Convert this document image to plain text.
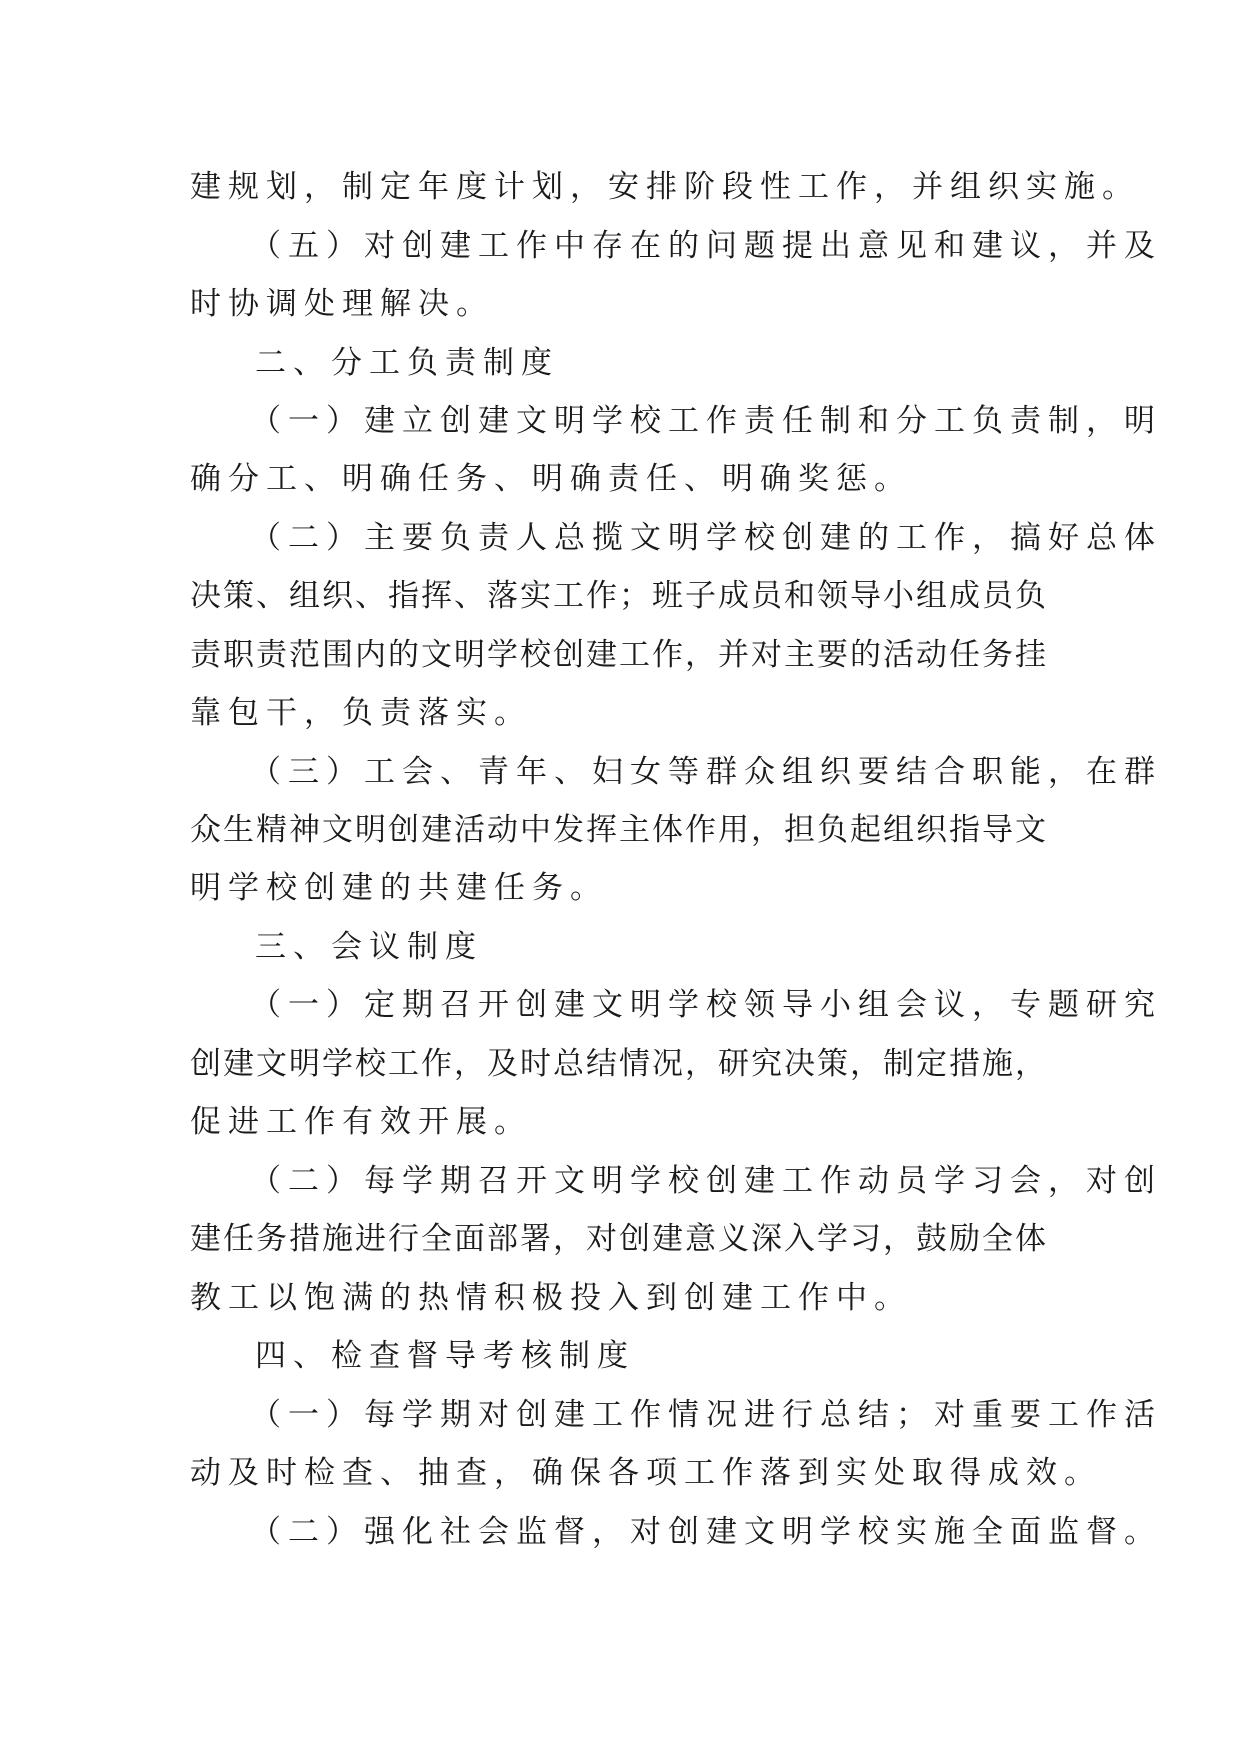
建规划，制定年度计划，安排阶段性工作，并组织实施。
（五）对创建工作中存在的问题提出意见和建议，并及
时协调处理解决。
二、分工负责制度
（一）建立创建文明学校工作责任制和分工负责制，明
确分工、明确任务、明确责任、明确奖惩。
（二）主要负责人总揽文明学校创建的工作，搞好总体
决策、组织、指挥、落实工作；班子成员和领导小组成员负
责职责范围内的文明学校创建工作，并对主要的活动任务挂
靠包干，负责落实。
（三）工会、青年、妇女等群众组织要结合职能，在群
众生精神文明创建活动中发挥主体作用，担负起组织指导文
明学校创建的共建任务。
三、会议制度
（一）定期召开创建文明学校领导小组会议，专题研究
创建文明学校工作，及时总结情况，研究决策，制定措施，
促进工作有效开展。
（二）每学期召开文明学校创建工作动员学习会，对创
建任务措施进行全面部署，对创建意义深入学习，鼓励全体
教工以饱满的热情积极投入到创建工作中。
四、检查督导考核制度
（一）每学期对创建工作情况进行总结；对重要工作活
动及时检查、抽查，确保各项工作落到实处取得成效。
（二）强化社会监督，对创建文明学校实施全面监督。
